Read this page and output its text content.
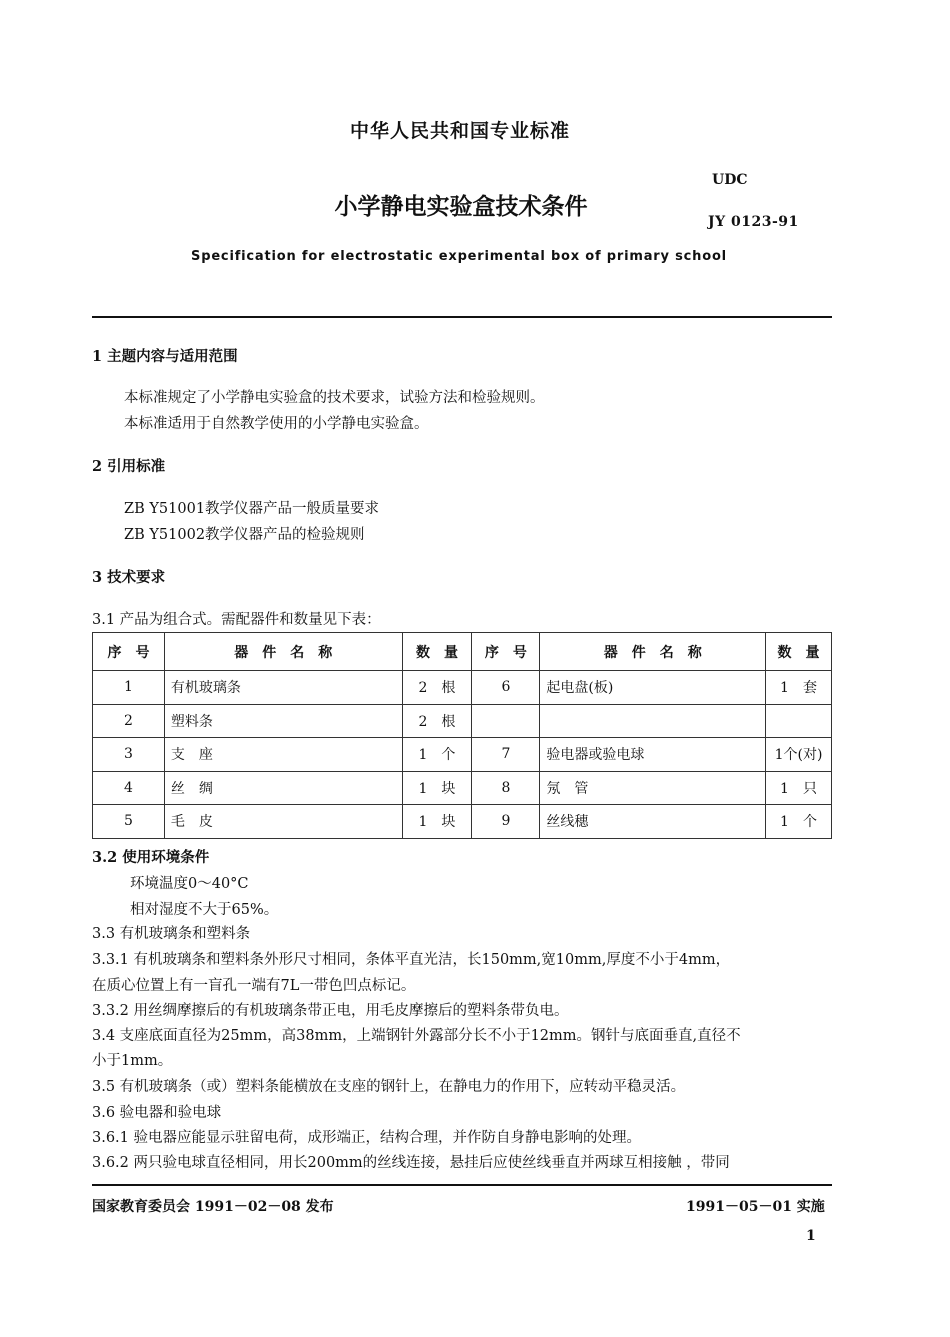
中华人民共和国专业标准
UDC
小学静电实验盒技术条件
JY 0123-91
Specification for electrostatic experimental box of primary school
1 主题内容与适用范围
本标准规定了小学静电实验盒的技术要求，试验方法和检验规则。
本标准适用于自然教学使用的小学静电实验盒。
2 引用标准
ZB Y51001教学仪器产品一般质量要求
ZB Y51002教学仪器产品的检验规则
3 技术要求
3.1 产品为组合式。需配器件和数量见下表：
序　号	器　件　名　称	数　量	序　号	器　件　名　称	数　量
1	有机玻璃条	2　根	6	起电盘(板)	1　套
2	塑料条	2　根			
3	支　座	1　个	7	验电器或验电球	1个(对)
4	丝　绸	1　块	8	氖　管	1　只
5	毛　皮	1　块	9	丝线穗	1　个
3.2 使用环境条件
环境温度0～40°C
相对湿度不大于65%。
3.3 有机玻璃条和塑料条
3.3.1 有机玻璃条和塑料条外形尺寸相同，条体平直光洁，长150mm,宽10mm,厚度不小于4mm，
在质心位置上有一盲孔一端有7L一带色凹点标记。
3.3.2 用丝绸摩擦后的有机玻璃条带正电，用毛皮摩擦后的塑料条带负电。
3.4 支座底面直径为25mm，高38mm，上端钢针外露部分长不小于12mm。钢针与底面垂直,直径不
小于1mm。
3.5 有机玻璃条（或）塑料条能横放在支座的钢针上，在静电力的作用下，应转动平稳灵活。
3.6 验电器和验电球
3.6.1 验电器应能显示驻留电荷，成形端正，结构合理，并作防自身静电影响的处理。
3.6.2 两只验电球直径相同，用长200mm的丝线连接，悬挂后应使丝线垂直并两球互相接触 ，带同
国家教育委员会 1991－02－08 发布	1991－05－01 实施
1
